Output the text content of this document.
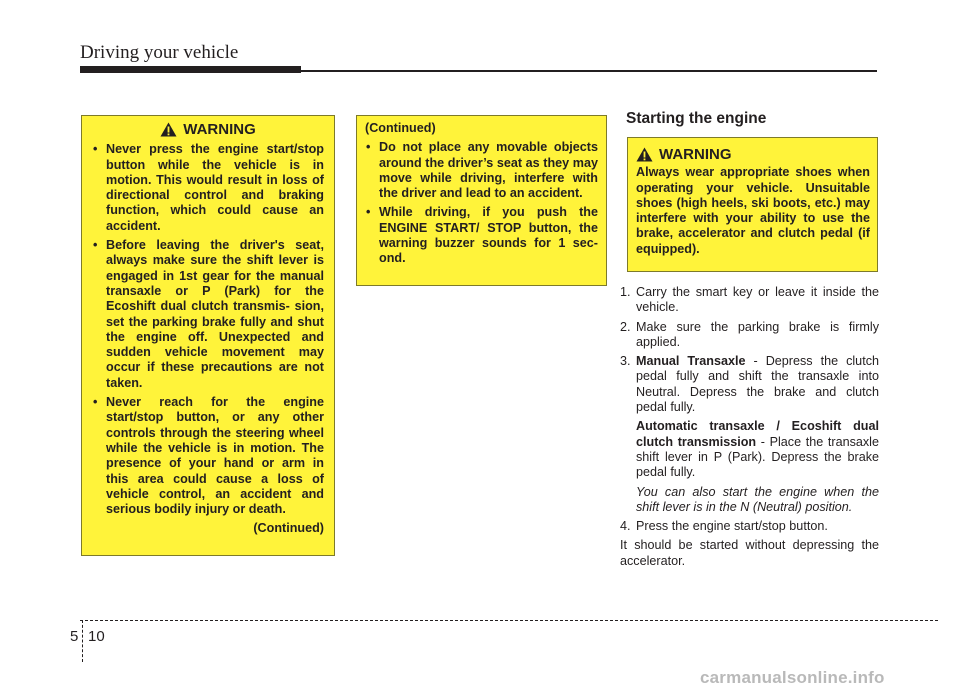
Driving your vehicle
WARNING
• Never press the engine start/stop button while the vehicle is in motion. This would result in loss of directional control and braking function, which could cause an accident.
• Before leaving the driver's seat, always make sure the shift lever is engaged in 1st gear for the manual transaxle or P (Park) for the Ecoshift dual clutch transmis- sion, set the parking brake fully and shut the engine off. Unexpected and sudden vehicle movement may occur if these precautions are not taken.
• Never reach for the engine start/stop button, or any other controls through the steering wheel while the vehicle is in motion. The presence of your hand or arm in this area could cause a loss of vehicle control, an accident and serious bodily injury or death.
(Continued)
(Continued)
• Do not place any movable objects around the driver’s seat as they may move while driving, interfere with the driver and lead to an accident.
• While driving, if you push the ENGINE START/ STOP button, the warning buzzer sounds for 1 sec- ond.
Starting the engine
WARNING
Always wear appropriate shoes when operating your vehicle. Unsuitable shoes (high heels, ski boots, etc.) may interfere with your ability to use the brake, accelerator and clutch pedal (if equipped).
1. Carry the smart key or leave it inside the vehicle.
2. Make sure the parking brake is firmly applied.
3. Manual Transaxle - Depress the clutch pedal fully and shift the transaxle into Neutral. Depress the brake and clutch pedal fully.
Automatic transaxle / Ecoshift dual clutch transmission - Place the transaxle shift lever in P (Park). Depress the brake pedal fully.
You can also start the engine when the shift lever is in the N (Neutral) position.
4. Press the engine start/stop button.
It should be started without depressing the accelerator.
5 10
carmanualsonline.info
